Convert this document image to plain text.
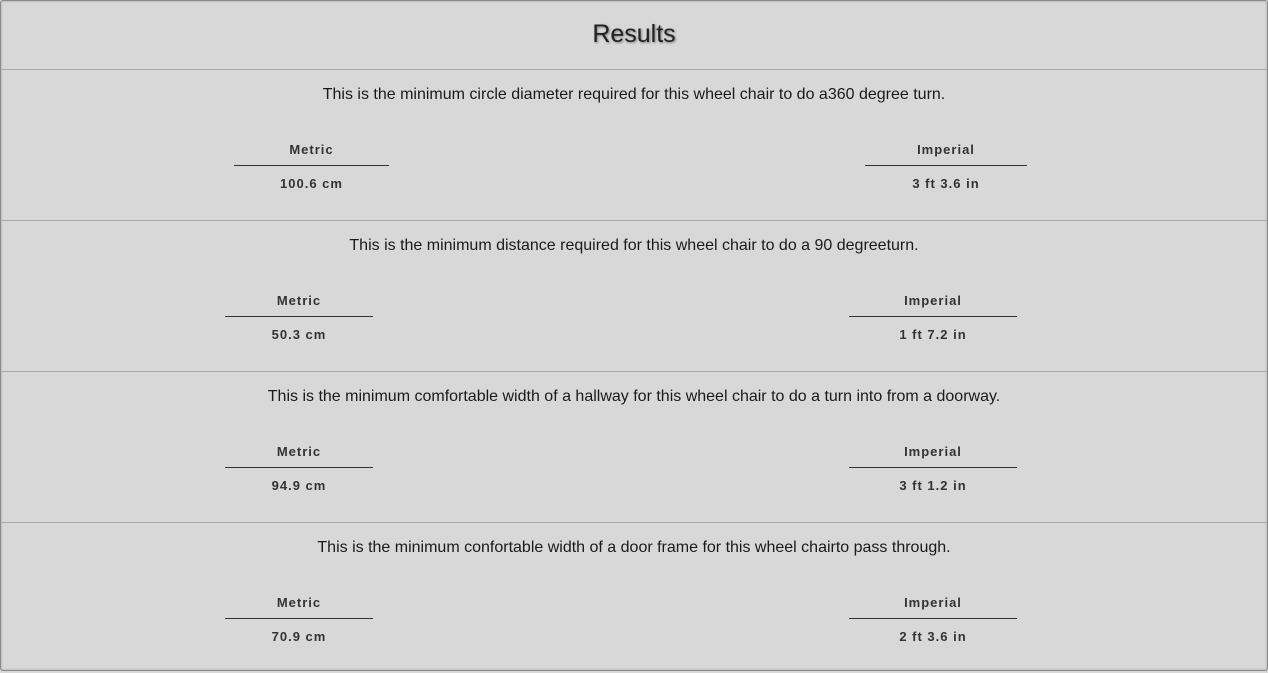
Results
This is the minimum circle diameter required for this wheel chair to do a360 degree turn.
Metric
100.6 cm
Imperial
3 ft 3.6 in
This is the minimum distance required for this wheel chair to do a 90 degreeturn.
Metric
50.3 cm
Imperial
1 ft 7.2 in
This is the minimum comfortable width of a hallway for this wheel chair to do a turn into from a doorway.
Metric
94.9 cm
Imperial
3 ft 1.2 in
This is the minimum confortable width of a door frame for this wheel chairto pass through.
Metric
70.9 cm
Imperial
2 ft 3.6 in
